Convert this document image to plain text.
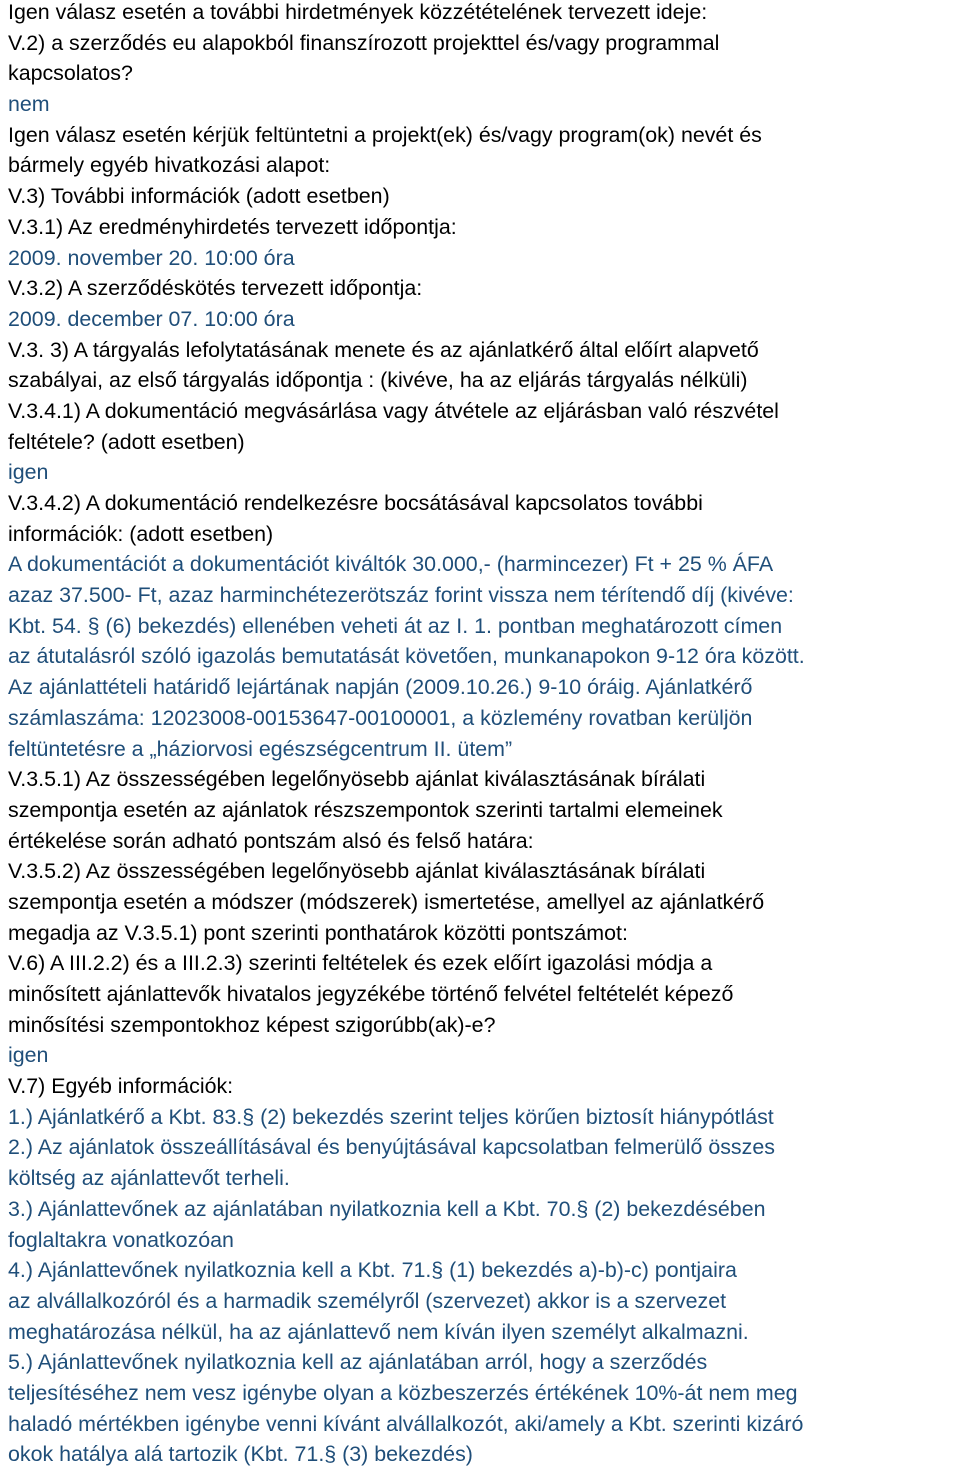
Igen válasz esetén a további hirdetmények közzétételének tervezett ideje:
V.2) a szerződés eu alapokból finanszírozott projekttel és/vagy programmal
kapcsolatos?
nem
Igen válasz esetén kérjük feltüntetni a projekt(ek) és/vagy program(ok) nevét és
bármely egyéb hivatkozási alapot:
V.3) További információk (adott esetben)
V.3.1) Az eredményhirdetés tervezett időpontja:
2009. november 20. 10:00 óra
V.3.2) A szerződéskötés tervezett időpontja:
2009. december 07. 10:00 óra
V.3. 3) A tárgyalás lefolytatásának menete és az ajánlatkérő által előírt alapvető
szabályai, az első tárgyalás időpontja : (kivéve, ha az eljárás tárgyalás nélküli)
V.3.4.1) A dokumentáció megvásárlása vagy átvétele az eljárásban való részvétel
feltétele? (adott esetben)
igen
V.3.4.2) A dokumentáció rendelkezésre bocsátásával kapcsolatos további
információk: (adott esetben)
A dokumentációt a dokumentációt kiváltók 30.000,- (harmincezer) Ft + 25 % ÁFA
azaz 37.500- Ft, azaz harminchétezerötszáz forint vissza nem térítendő díj (kivéve:
Kbt. 54. § (6) bekezdés) ellenében veheti át az I. 1. pontban meghatározott címen
az átutalásról szóló igazolás bemutatását követően, munkanapokon 9-12 óra között.
Az ajánlattételi határidő lejártának napján (2009.10.26.) 9-10 óráig. Ajánlatkérő
számlaszáma: 12023008-00153647-00100001, a közlemény rovatban kerüljön
feltüntetésre a „háziorvosi egészségcentrum II. ütem”
V.3.5.1) Az összességében legelőnyösebb ajánlat kiválasztásának bírálati
szempontja esetén az ajánlatok részszempontok szerinti tartalmi elemeinek
értékelése során adható pontszám alsó és felső határa:
V.3.5.2) Az összességében legelőnyösebb ajánlat kiválasztásának bírálati
szempontja esetén a módszer (módszerek) ismertetése, amellyel az ajánlatkérő
megadja az V.3.5.1) pont szerinti ponthatárok közötti pontszámot:
V.6) A III.2.2) és a III.2.3) szerinti feltételek és ezek előírt igazolási módja a
minősített ajánlattevők hivatalos jegyzékébe történő felvétel feltételét képező
minősítési szempontokhoz képest szigorúbb(ak)-e?
igen
V.7) Egyéb információk:
1.) Ajánlatkérő a Kbt. 83.§ (2) bekezdés szerint teljes körűen biztosít hiánypótlást
2.) Az ajánlatok összeállításával és benyújtásával kapcsolatban felmerülő összes
költség az ajánlattevőt terheli.
3.) Ajánlattevőnek az ajánlatában nyilatkoznia kell a Kbt. 70.§ (2) bekezdésében
foglaltakra vonatkozóan
4.) Ajánlattevőnek nyilatkoznia kell a Kbt. 71.§ (1) bekezdés a)-b)-c) pontjaira
az alvállalkozóról és a harmadik személyről (szervezet) akkor is a szervezet
meghatározása nélkül, ha az ajánlattevő nem kíván ilyen személyt alkalmazni.
5.) Ajánlattevőnek nyilatkoznia kell az ajánlatában arról, hogy a szerződés
teljesítéséhez nem vesz igénybe olyan a közbeszerzés értékének 10%-át nem meg
haladó mértékben igénybe venni kívánt alvállalkozót, aki/amely a Kbt. szerinti kizáró
okok hatálya alá tartozik (Kbt. 71.§ (3) bekezdés)
